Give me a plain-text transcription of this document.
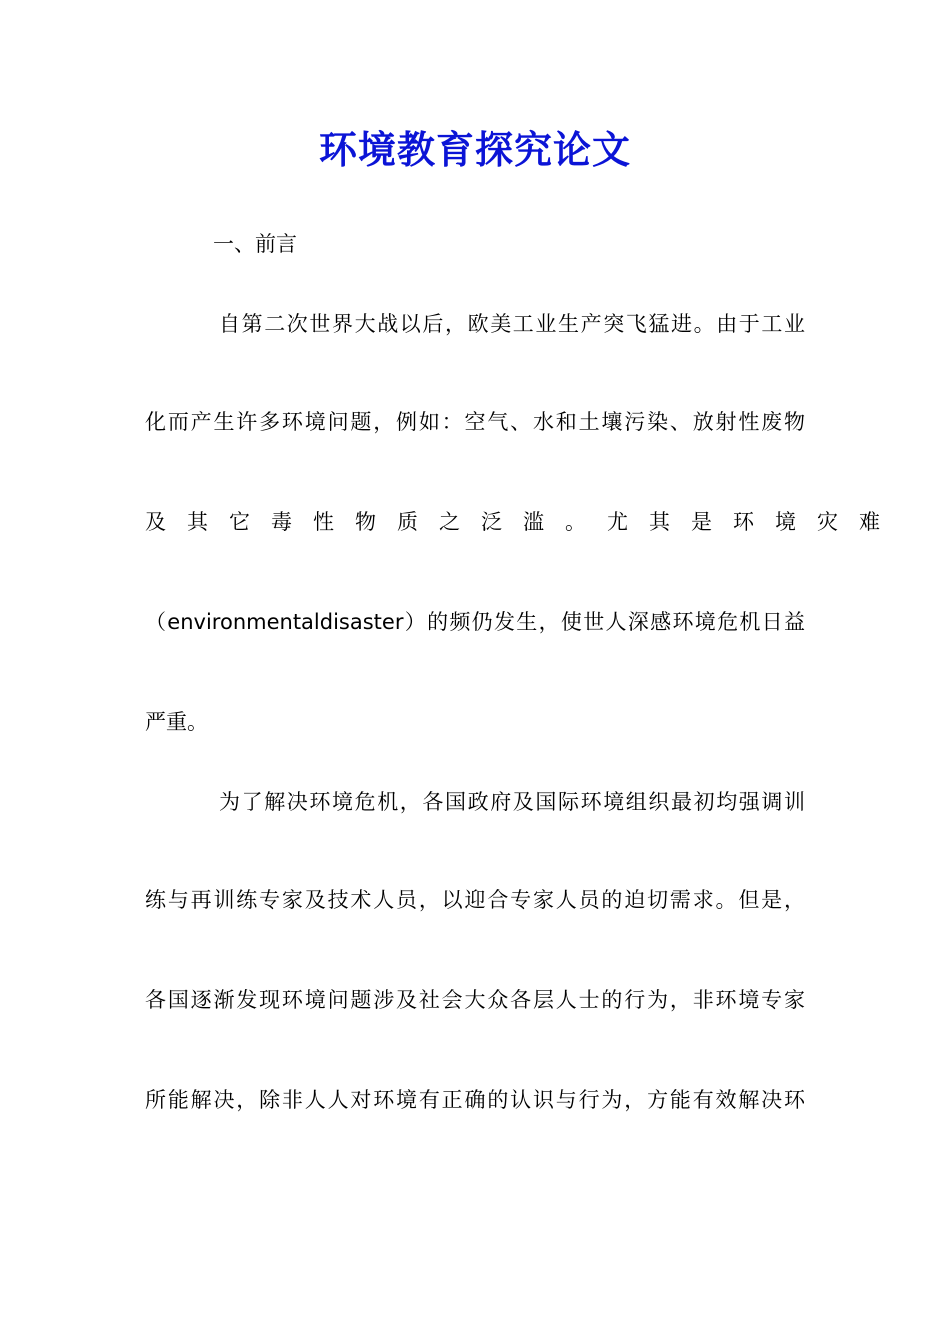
环境教育探究论文
一、前言
自第二次世界大战以后，欧美工业生产突飞猛进。由于工业
化而产生许多环境问题，例如：空气、水和土壤污染、放射性废物
及其它毒性物质之泛滥。尤其是环境灾难
（environmentaldisaster）的频仍发生，使世人深感环境危机日益
严重。
为了解决环境危机，各国政府及国际环境组织最初均强调训
练与再训练专家及技术人员，以迎合专家人员的迫切需求。但是，
各国逐渐发现环境问题涉及社会大众各层人士的行为，非环境专家
所能解决，除非人人对环境有正确的认识与行为，方能有效解决环
